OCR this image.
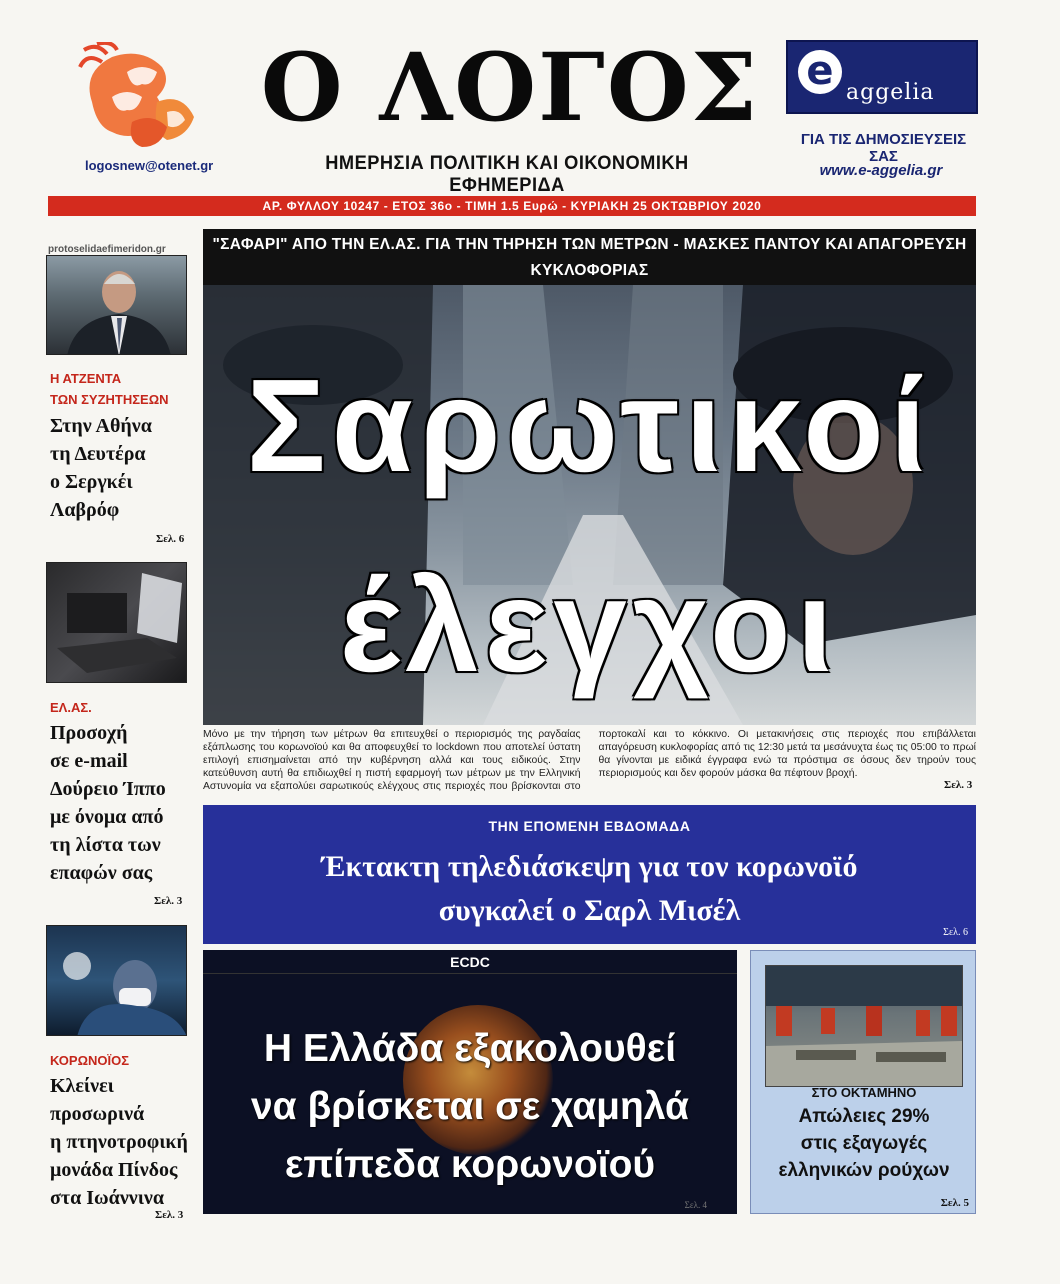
logosnew@otenet.gr
Ο ΛΟΓΟΣ
ΗΜΕΡΗΣΙΑ ΠΟΛΙΤΙΚΗ ΚΑΙ ΟΙΚΟΝΟΜΙΚΗ ΕΦΗΜΕΡΙΔΑ
e aggelia
ΓΙΑ ΤΙΣ ΔΗΜΟΣΙΕΥΣΕΙΣ ΣΑΣ
www.e-aggelia.gr
ΑΡ. ΦΥΛΛΟΥ 10247 - ΕΤΟΣ 36ο - ΤΙΜΗ 1.5 Ευρώ - ΚΥΡΙΑΚΗ 25 ΟΚΤΩΒΡΙΟΥ 2020
protoselidaefimeridon.gr
Η ΑΤΖΕΝΤΑ
ΤΩΝ ΣΥΖΗΤΗΣΕΩΝ
Στην Αθήνα
τη Δευτέρα
ο Σεργκέι
Λαβρόφ
Σελ. 6
ΕΛ.ΑΣ.
Προσοχή
σε e-mail
Δούρειο Ίππο
με όνομα από
τη λίστα των
επαφών σας
Σελ. 3
ΚΟΡΩΝΟΪΟΣ
Κλείνει
προσωρινά
η πτηνοτροφική
μονάδα Πίνδος
στα Ιωάννινα
Σελ. 3
"ΣΑΦΑΡΙ" ΑΠΟ ΤΗΝ ΕΛ.ΑΣ. ΓΙΑ ΤΗΝ ΤΗΡΗΣΗ ΤΩΝ ΜΕΤΡΩΝ - ΜΑΣΚΕΣ ΠΑΝΤΟΥ ΚΑΙ ΑΠΑΓΟΡΕΥΣΗ ΚΥΚΛΟΦΟΡΙΑΣ
Σαρωτικοί
έλεγχοι
Μόνο με την τήρηση των μέτρων θα επιτευχθεί ο περιορισμός της ραγδαίας εξάπλωσης του κορωνοϊού και θα αποφευχθεί το lockdown που αποτελεί ύστατη επιλογή επισημαίνεται από την κυβέρνηση αλλά και τους ειδικούς. Στην κατεύθυνση αυτή θα επιδιωχθεί η πιστή εφαρμογή των μέτρων με την Ελληνική Αστυνομία να εξαπολύει σαρωτικούς ελέγχους στις περιοχές που βρίσκονται στο πορτοκαλί και το κόκκινο. Οι μετακινήσεις στις περιοχές που επιβάλλεται απαγόρευση κυκλοφορίας από τις 12:30 μετά τα μεσάνυχτα έως τις 05:00 το πρωί θα γίνονται με ειδικά έγγραφα ενώ τα πρόστιμα σε όσους δεν τηρούν τους περιορισμούς και δεν φορούν μάσκα θα πέφτουν βροχή.
Σελ. 3
ΤΗΝ ΕΠΟΜΕΝΗ ΕΒΔΟΜΑΔΑ
Έκτακτη τηλεδιάσκεψη για τον κορωνοϊό
συγκαλεί ο Σαρλ Μισέλ
Σελ. 6
ECDC
Η Ελλάδα εξακολουθεί
να βρίσκεται σε χαμηλά
επίπεδα κορωνοϊού
Σελ. 4
ΣΤΟ ΟΚΤΑΜΗΝΟ
Απώλειες 29%
στις εξαγωγές
ελληνικών ρούχων
Σελ. 5
